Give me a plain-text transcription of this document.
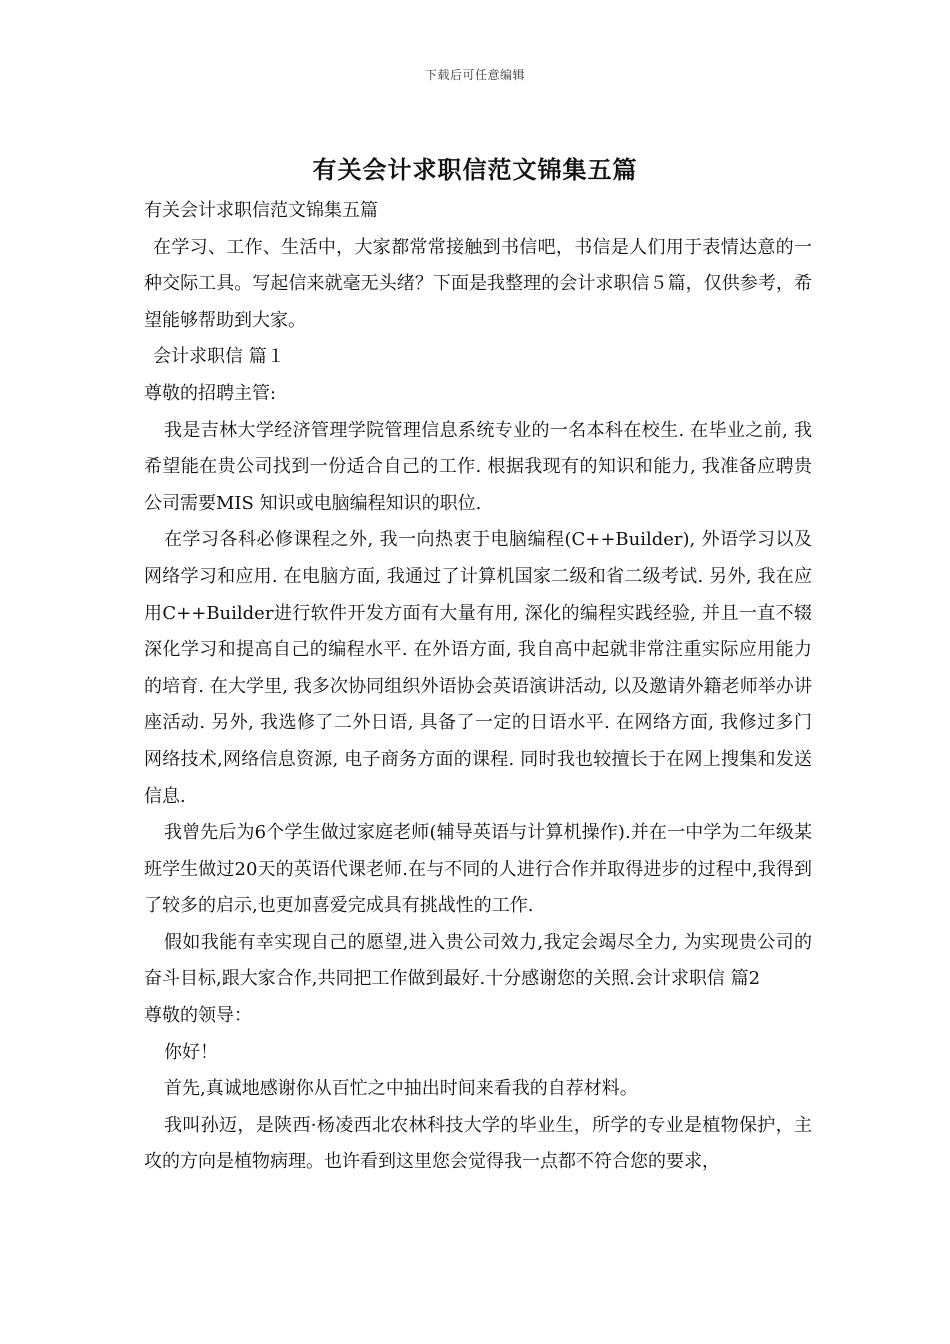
下载后可任意编辑
有关会计求职信范文锦集五篇

有关会计求职信范文锦集五篇

在学习、工作、生活中，大家都常常接触到书信吧，书信是人们用于表情达意的一种交际工具。写起信来就毫无头绪？下面是我整理的会计求职信５篇，仅供参考，希望能够帮助到大家。

会计求职信 篇１

尊敬的招聘主管:

我是吉林大学经济管理学院管理信息系统专业的一名本科在校生. 在毕业之前, 我希望能在贵公司找到一份适合自己的工作. 根据我现有的知识和能力, 我准备应聘贵公司需要MIS 知识或电脑编程知识的职位.

在学习各科必修课程之外, 我一向热衷于电脑编程(C++Builder), 外语学习以及网络学习和应用. 在电脑方面, 我通过了计算机国家二级和省二级考试. 另外, 我在应用C++Builder进行软件开发方面有大量有用, 深化的编程实践经验, 并且一直不辍深化学习和提高自己的编程水平. 在外语方面, 我自高中起就非常注重实际应用能力的培育. 在大学里, 我多次协同组织外语协会英语演讲活动, 以及邀请外籍老师举办讲座活动. 另外, 我选修了二外日语, 具备了一定的日语水平. 在网络方面, 我修过多门网络技术,网络信息资源, 电子商务方面的课程. 同时我也较擅长于在网上搜集和发送信息.

我曾先后为6个学生做过家庭老师(辅导英语与计算机操作).并在一中学为二年级某班学生做过20天的英语代课老师.在与不同的人进行合作并取得进步的过程中,我得到了较多的启示,也更加喜爱完成具有挑战性的工作.

假如我能有幸实现自己的愿望,进入贵公司效力,我定会竭尽全力, 为实现贵公司的奋斗目标,跟大家合作,共同把工作做到最好.十分感谢您的关照.会计求职信 篇2

尊敬的领导：

你好！

首先,真诚地感谢你从百忙之中抽出时间来看我的自荐材料。

我叫孙迈，是陕西·杨凌西北农林科技大学的毕业生，所学的专业是植物保护，主攻的方向是植物病理。也许看到这里您会觉得我一点都不符合您的要求，
